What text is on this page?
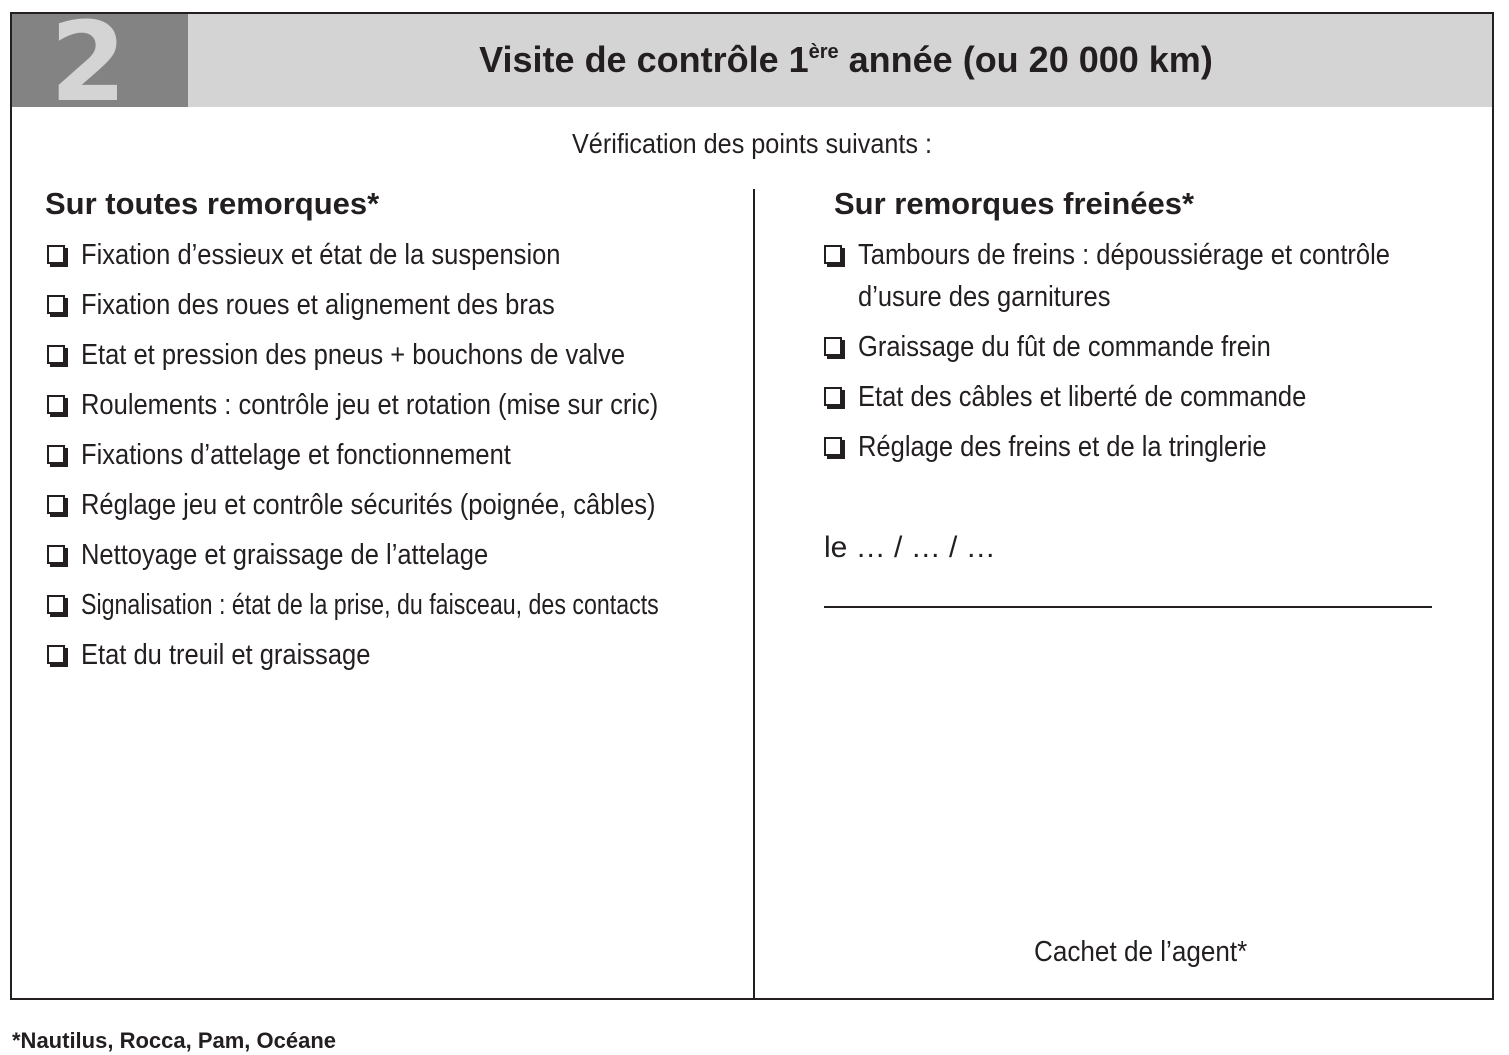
2	Visite de contrôle 1ère année (ou 20 000 km)
Vérification des points suivants :
Sur toutes remorques*
Fixation d’essieux et état de la suspension
Fixation des roues et alignement des bras
Etat et pression des pneus + bouchons de valve
Roulements : contrôle jeu et rotation (mise sur cric)
Fixations d’attelage et fonctionnement
Réglage jeu et contrôle sécurités (poignée, câbles)
Nettoyage et graissage de l’attelage
Signalisation : état de la prise, du faisceau, des contacts
Etat du treuil et graissage
Sur remorques freinées*
Tambours de freins : dépoussiérage et contrôle d’usure des garnitures
Graissage du fût de commande frein
Etat des câbles et liberté de commande
Réglage des freins et de la tringlerie
le … / … / …
Cachet de l’agent*
*Nautilus, Rocca, Pam, Océane
